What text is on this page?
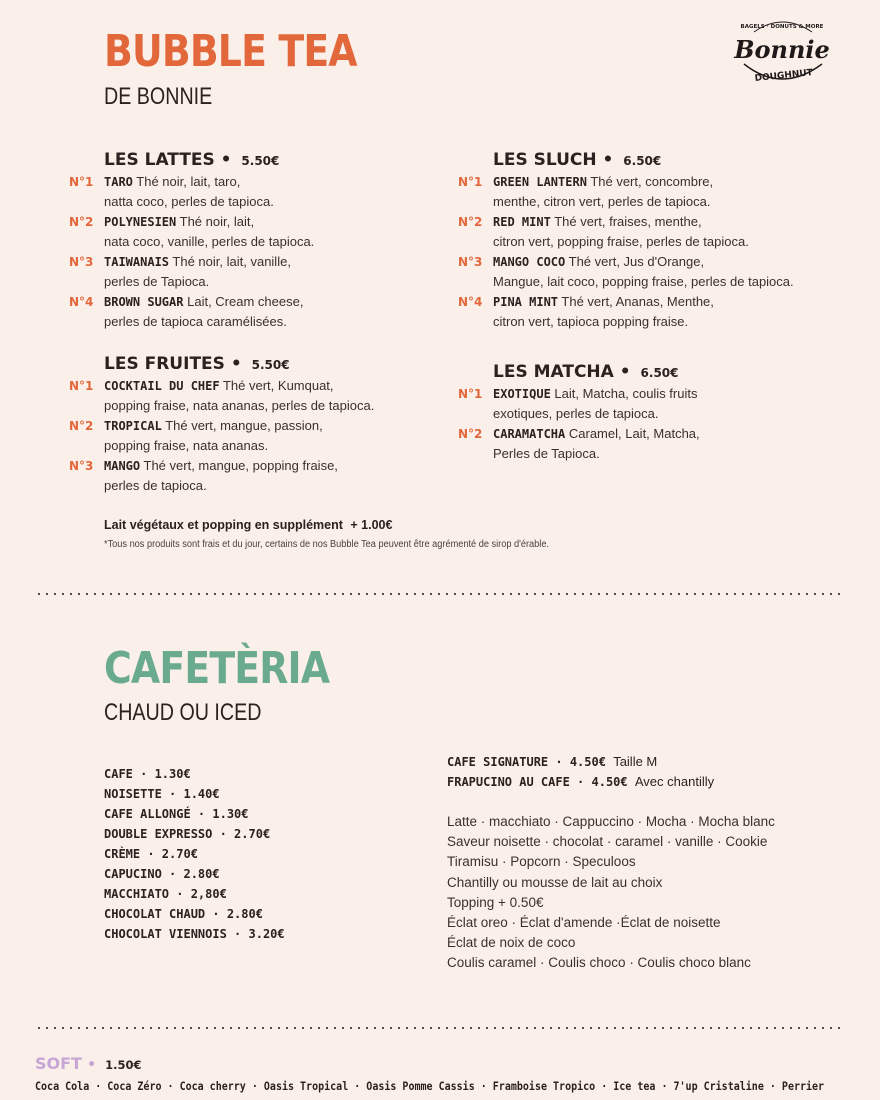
BUBBLE TEA
DE BONNIE
BAGELS · DONUTS & MORE
Bonnie
DOUGHNUT
LES LATTES • 5.50€
N°1 TARO Thé noir, lait, taro,
natta coco, perles de tapioca.
N°2 POLYNESIEN Thé noir, lait,
nata coco, vanille, perles de tapioca.
N°3 TAIWANAIS Thé noir, lait, vanille,
perles de Tapioca.
N°4 BROWN SUGAR Lait, Cream cheese,
perles de tapioca caramélisées.
LES FRUITES • 5.50€
N°1 COCKTAIL DU CHEF Thé vert, Kumquat,
popping fraise, nata ananas, perles de tapioca.
N°2 TROPICAL Thé vert, mangue, passion,
popping fraise, nata ananas.
N°3 MANGO Thé vert, mangue, popping fraise,
perles de tapioca.
LES SLUCH • 6.50€
N°1 GREEN LANTERN Thé vert, concombre,
menthe, citron vert, perles de tapioca.
N°2 RED MINT Thé vert, fraises, menthe,
citron vert, popping fraise, perles de tapioca.
N°3 MANGO COCO Thé vert, Jus d'Orange,
Mangue, lait coco, popping fraise, perles de tapioca.
N°4 PINA MINT Thé vert, Ananas, Menthe,
citron vert, tapioca popping fraise.
LES MATCHA • 6.50€
N°1 EXOTIQUE Lait, Matcha, coulis fruits
exotiques, perles de tapioca.
N°2 CARAMATCHA Caramel, Lait, Matcha,
Perles de Tapioca.
Lait végétaux et popping en supplément + 1.00€
*Tous nos produits sont frais et du jour, certains de nos Bubble Tea peuvent être agrémenté de sirop d'érable.
CAFETÈRIA
CHAUD OU ICED
CAFE · 1.30€
NOISETTE · 1.40€
CAFE ALLONGÉ · 1.30€
DOUBLE EXPRESSO · 2.70€
CRÈME · 2.70€
CAPUCINO · 2.80€
MACCHIATO · 2,80€
CHOCOLAT CHAUD · 2.80€
CHOCOLAT VIENNOIS · 3.20€
CAFE SIGNATURE · 4.50€ Taille M
FRAPUCINO AU CAFE · 4.50€ Avec chantilly
Latte · macchiato · Cappuccino · Mocha · Mocha blanc
Saveur noisette · chocolat · caramel · vanille · Cookie
Tiramisu · Popcorn · Speculoos
Chantilly ou mousse de lait au choix
Topping + 0.50€
Éclat oreo · Éclat d'amende ·Éclat de noisette
Éclat de noix de coco
Coulis caramel · Coulis choco · Coulis choco blanc
SOFT • 1.50€
Coca Cola · Coca Zéro · Coca cherry · Oasis Tropical · Oasis Pomme Cassis · Framboise Tropico · Ice tea · 7'up Cristaline · Perrier
